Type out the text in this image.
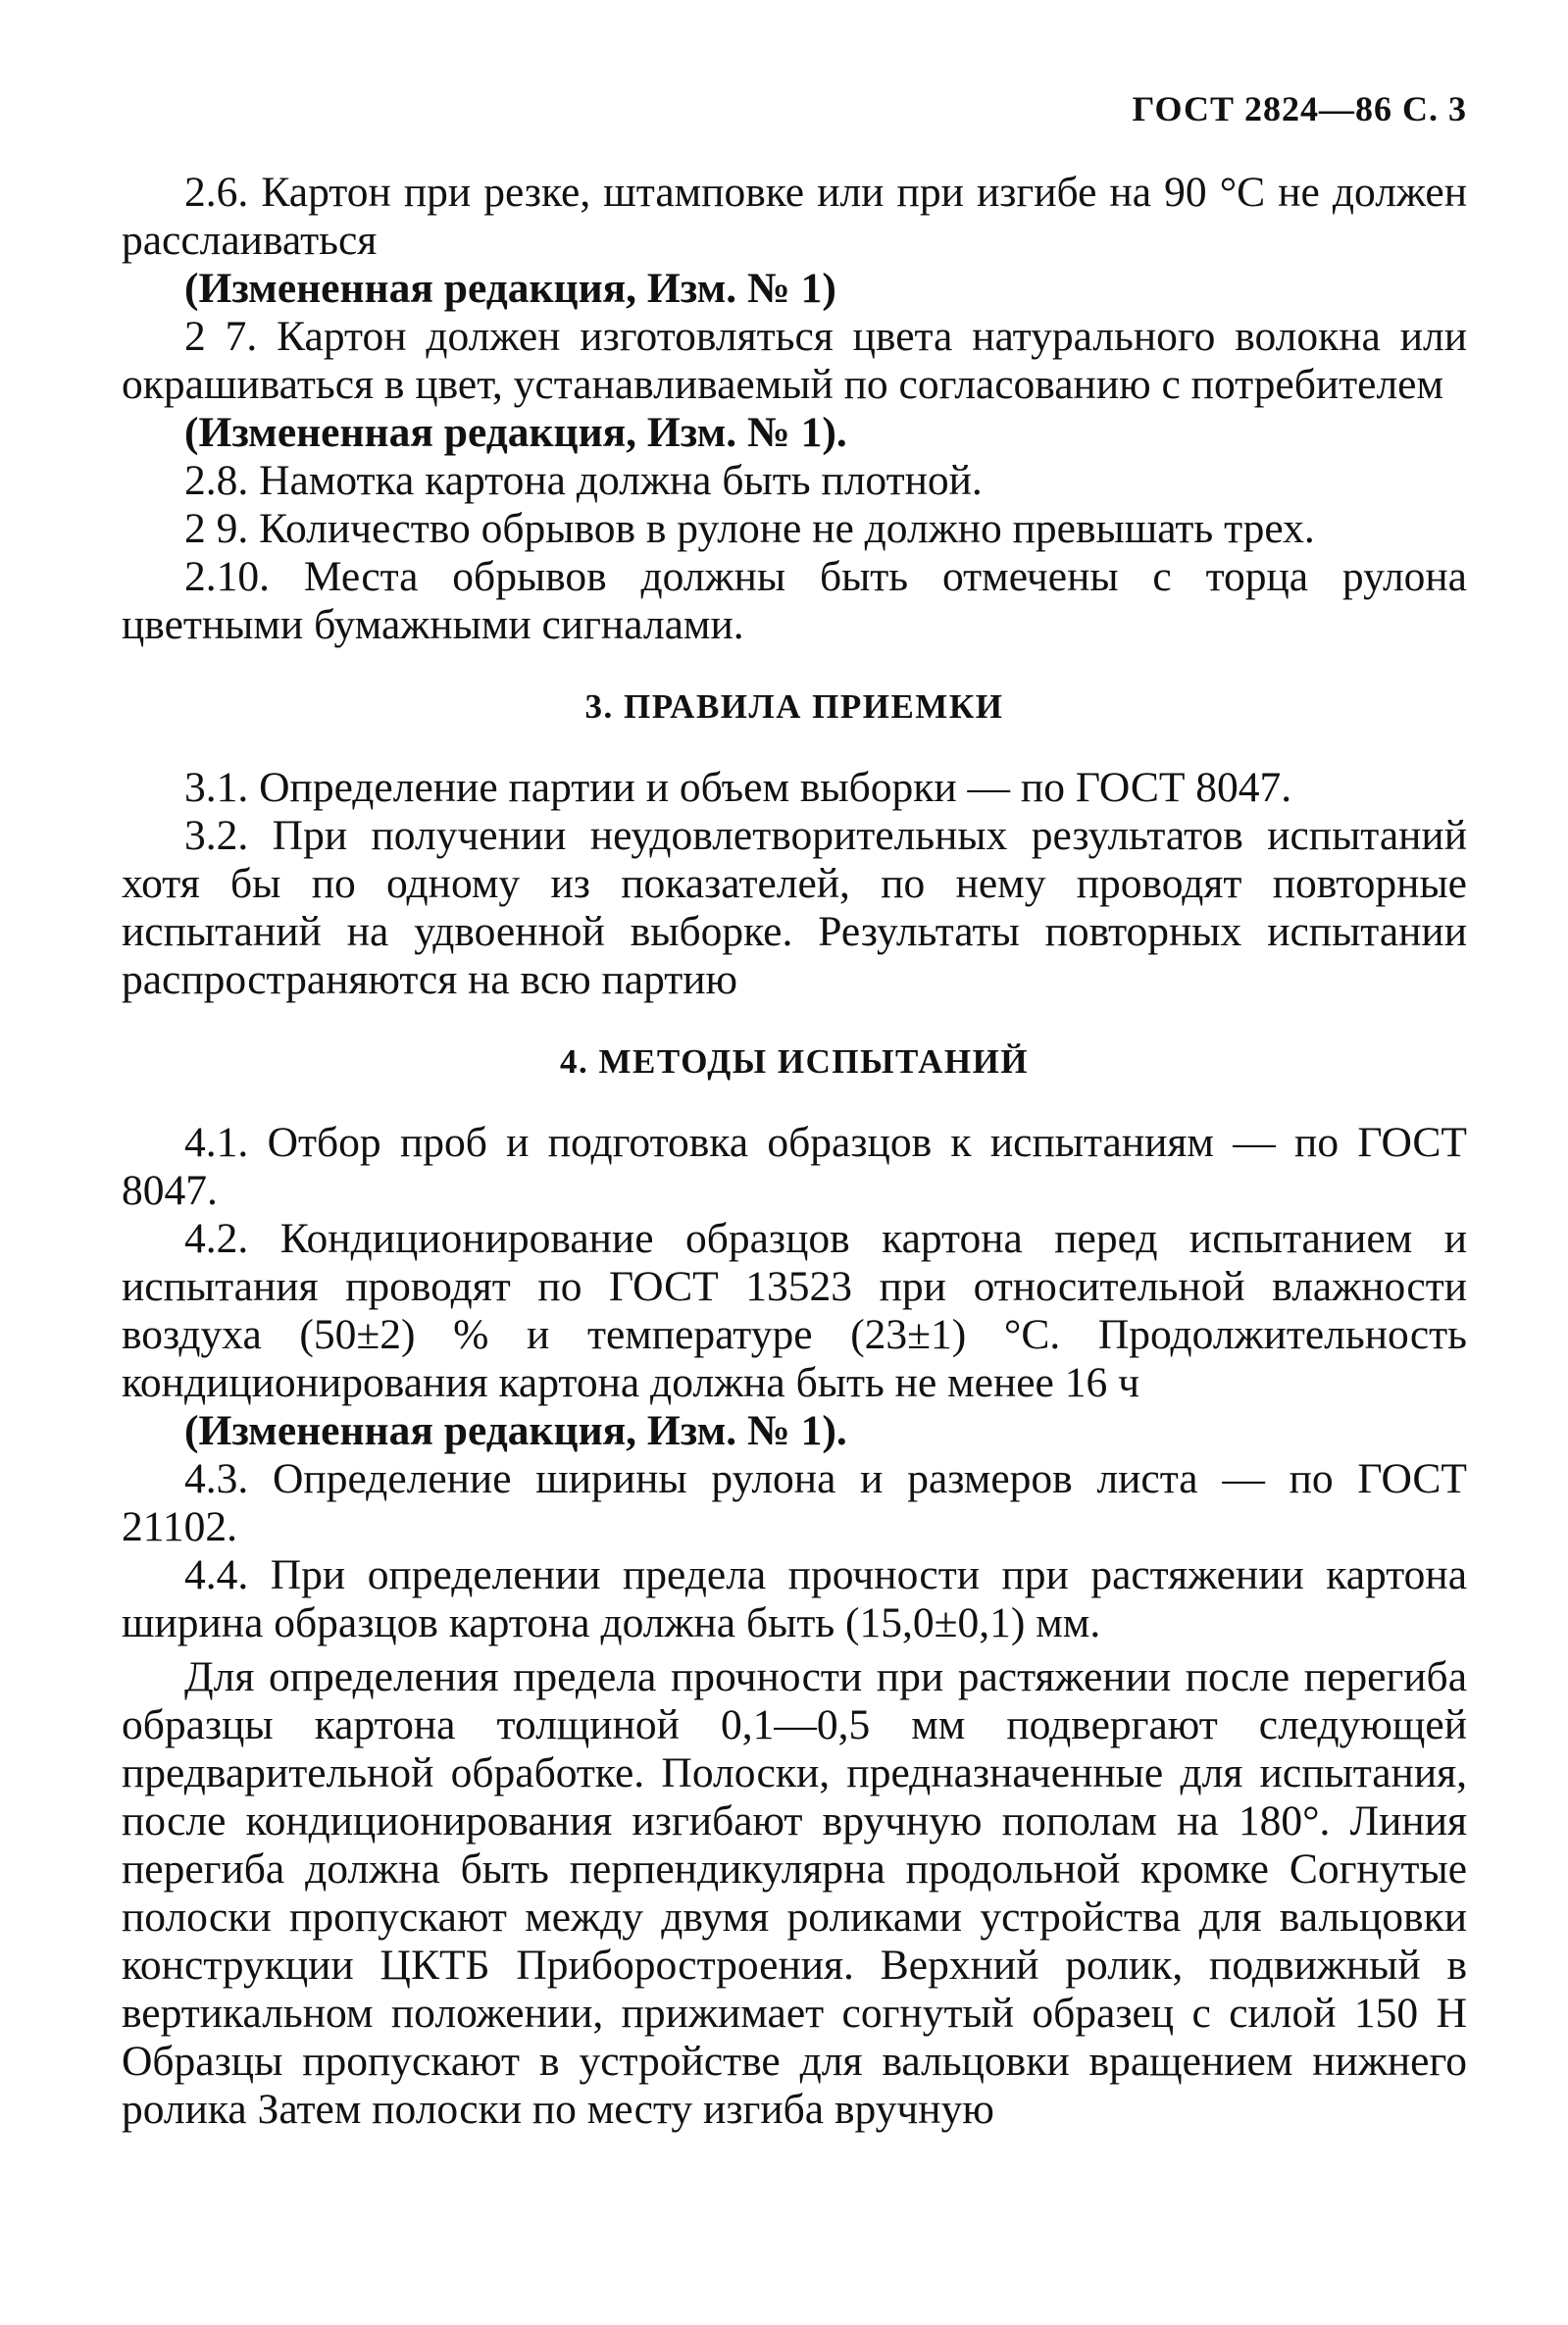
ГОСТ 2824—86 С. 3

2.6. Картон при резке, штамповке или при изгибе на 90 °С не должен расслаиваться

(Измененная редакция, Изм. № 1)

2 7. Картон должен изготовляться цвета натурального волокна или окрашиваться в цвет, устанавливаемый по согласованию с потребителем

(Измененная редакция, Изм. № 1).

2.8. Намотка картона должна быть плотной.

2 9. Количество обрывов в рулоне не должно превышать трех.

2.10. Места обрывов должны быть отмечены с торца рулона цветными бумажными сигналами.

3. ПРАВИЛА ПРИЕМКИ

3.1. Определение партии и объем выборки — по ГОСТ 8047.

3.2. При получении неудовлетворительных результатов испытаний хотя бы по одному из показателей, по нему проводят повторные испытаний на удвоенной выборке. Результаты повторных испытании распространяются на всю партию

4. МЕТОДЫ ИСПЫТАНИЙ

4.1. Отбор проб и подготовка образцов к испытаниям — по ГОСТ 8047.

4.2. Кондиционирование образцов картона перед испытанием и испытания проводят по ГОСТ 13523 при относительной влажности воздуха (50±2) % и температуре (23±1) °С. Продолжительность кондиционирования картона должна быть не менее 16 ч

(Измененная редакция, Изм. № 1).

4.3. Определение ширины рулона и размеров листа — по ГОСТ 21102.

4.4. При определении предела прочности при растяжении картона ширина образцов картона должна быть (15,0±0,1) мм.

Для определения предела прочности при растяжении после перегиба образцы картона толщиной 0,1—0,5 мм подвергают следующей предварительной обработке. Полоски, предназначенные для испытания, после кондиционирования изгибают вручную пополам на 180°. Линия перегиба должна быть перпендикулярна продольной кромке Согнутые полоски пропускают между двумя роликами устройства для вальцовки конструкции ЦКТБ Приборостроения. Верхний ролик, подвижный в вертикальном положении, прижимает согнутый образец с силой 150 Н Образцы пропускают в устройстве для вальцовки вращением нижнего ролика Затем полоски по месту изгиба вручную
